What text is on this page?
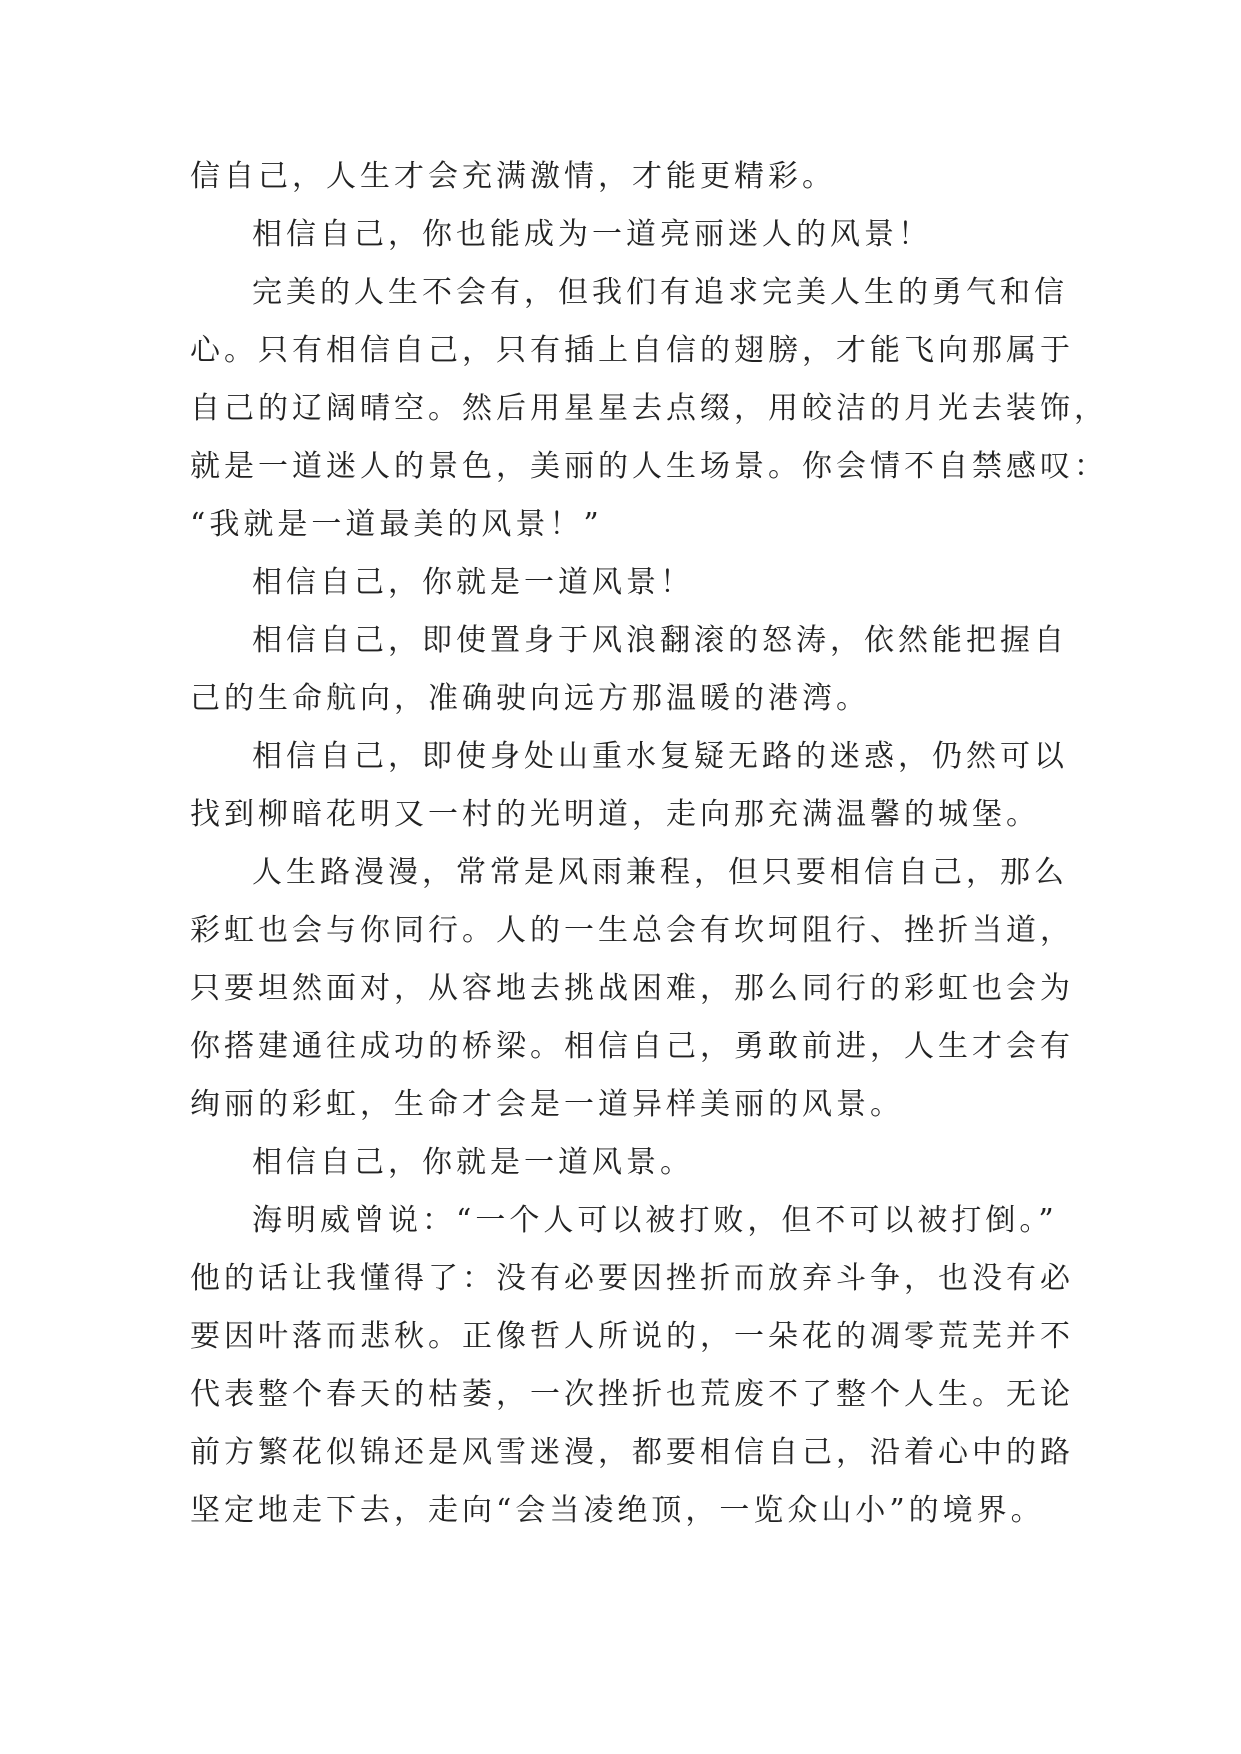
信自己，人生才会充满激情，才能更精彩。
相信自己，你也能成为一道亮丽迷人的风景！
完美的人生不会有，但我们有追求完美人生的勇气和信
心。只有相信自己，只有插上自信的翅膀，才能飞向那属于
自己的辽阔晴空。然后用星星去点缀，用皎洁的月光去装饰，
就是一道迷人的景色，美丽的人生场景。你会情不自禁感叹：
“我就是一道最美的风景！”
相信自己，你就是一道风景！
相信自己，即使置身于风浪翻滚的怒涛，依然能把握自
己的生命航向，准确驶向远方那温暖的港湾。
相信自己，即使身处山重水复疑无路的迷惑，仍然可以
找到柳暗花明又一村的光明道，走向那充满温馨的城堡。
人生路漫漫，常常是风雨兼程，但只要相信自己，那么
彩虹也会与你同行。人的一生总会有坎坷阻行、挫折当道，
只要坦然面对，从容地去挑战困难，那么同行的彩虹也会为
你搭建通往成功的桥梁。相信自己，勇敢前进，人生才会有
绚丽的彩虹，生命才会是一道异样美丽的风景。
相信自己，你就是一道风景。
海明威曾说：“一个人可以被打败，但不可以被打倒。”
他的话让我懂得了：没有必要因挫折而放弃斗争，也没有必
要因叶落而悲秋。正像哲人所说的，一朵花的凋零荒芜并不
代表整个春天的枯萎，一次挫折也荒废不了整个人生。无论
前方繁花似锦还是风雪迷漫，都要相信自己，沿着心中的路
坚定地走下去，走向“会当凌绝顶，一览众山小”的境界。
